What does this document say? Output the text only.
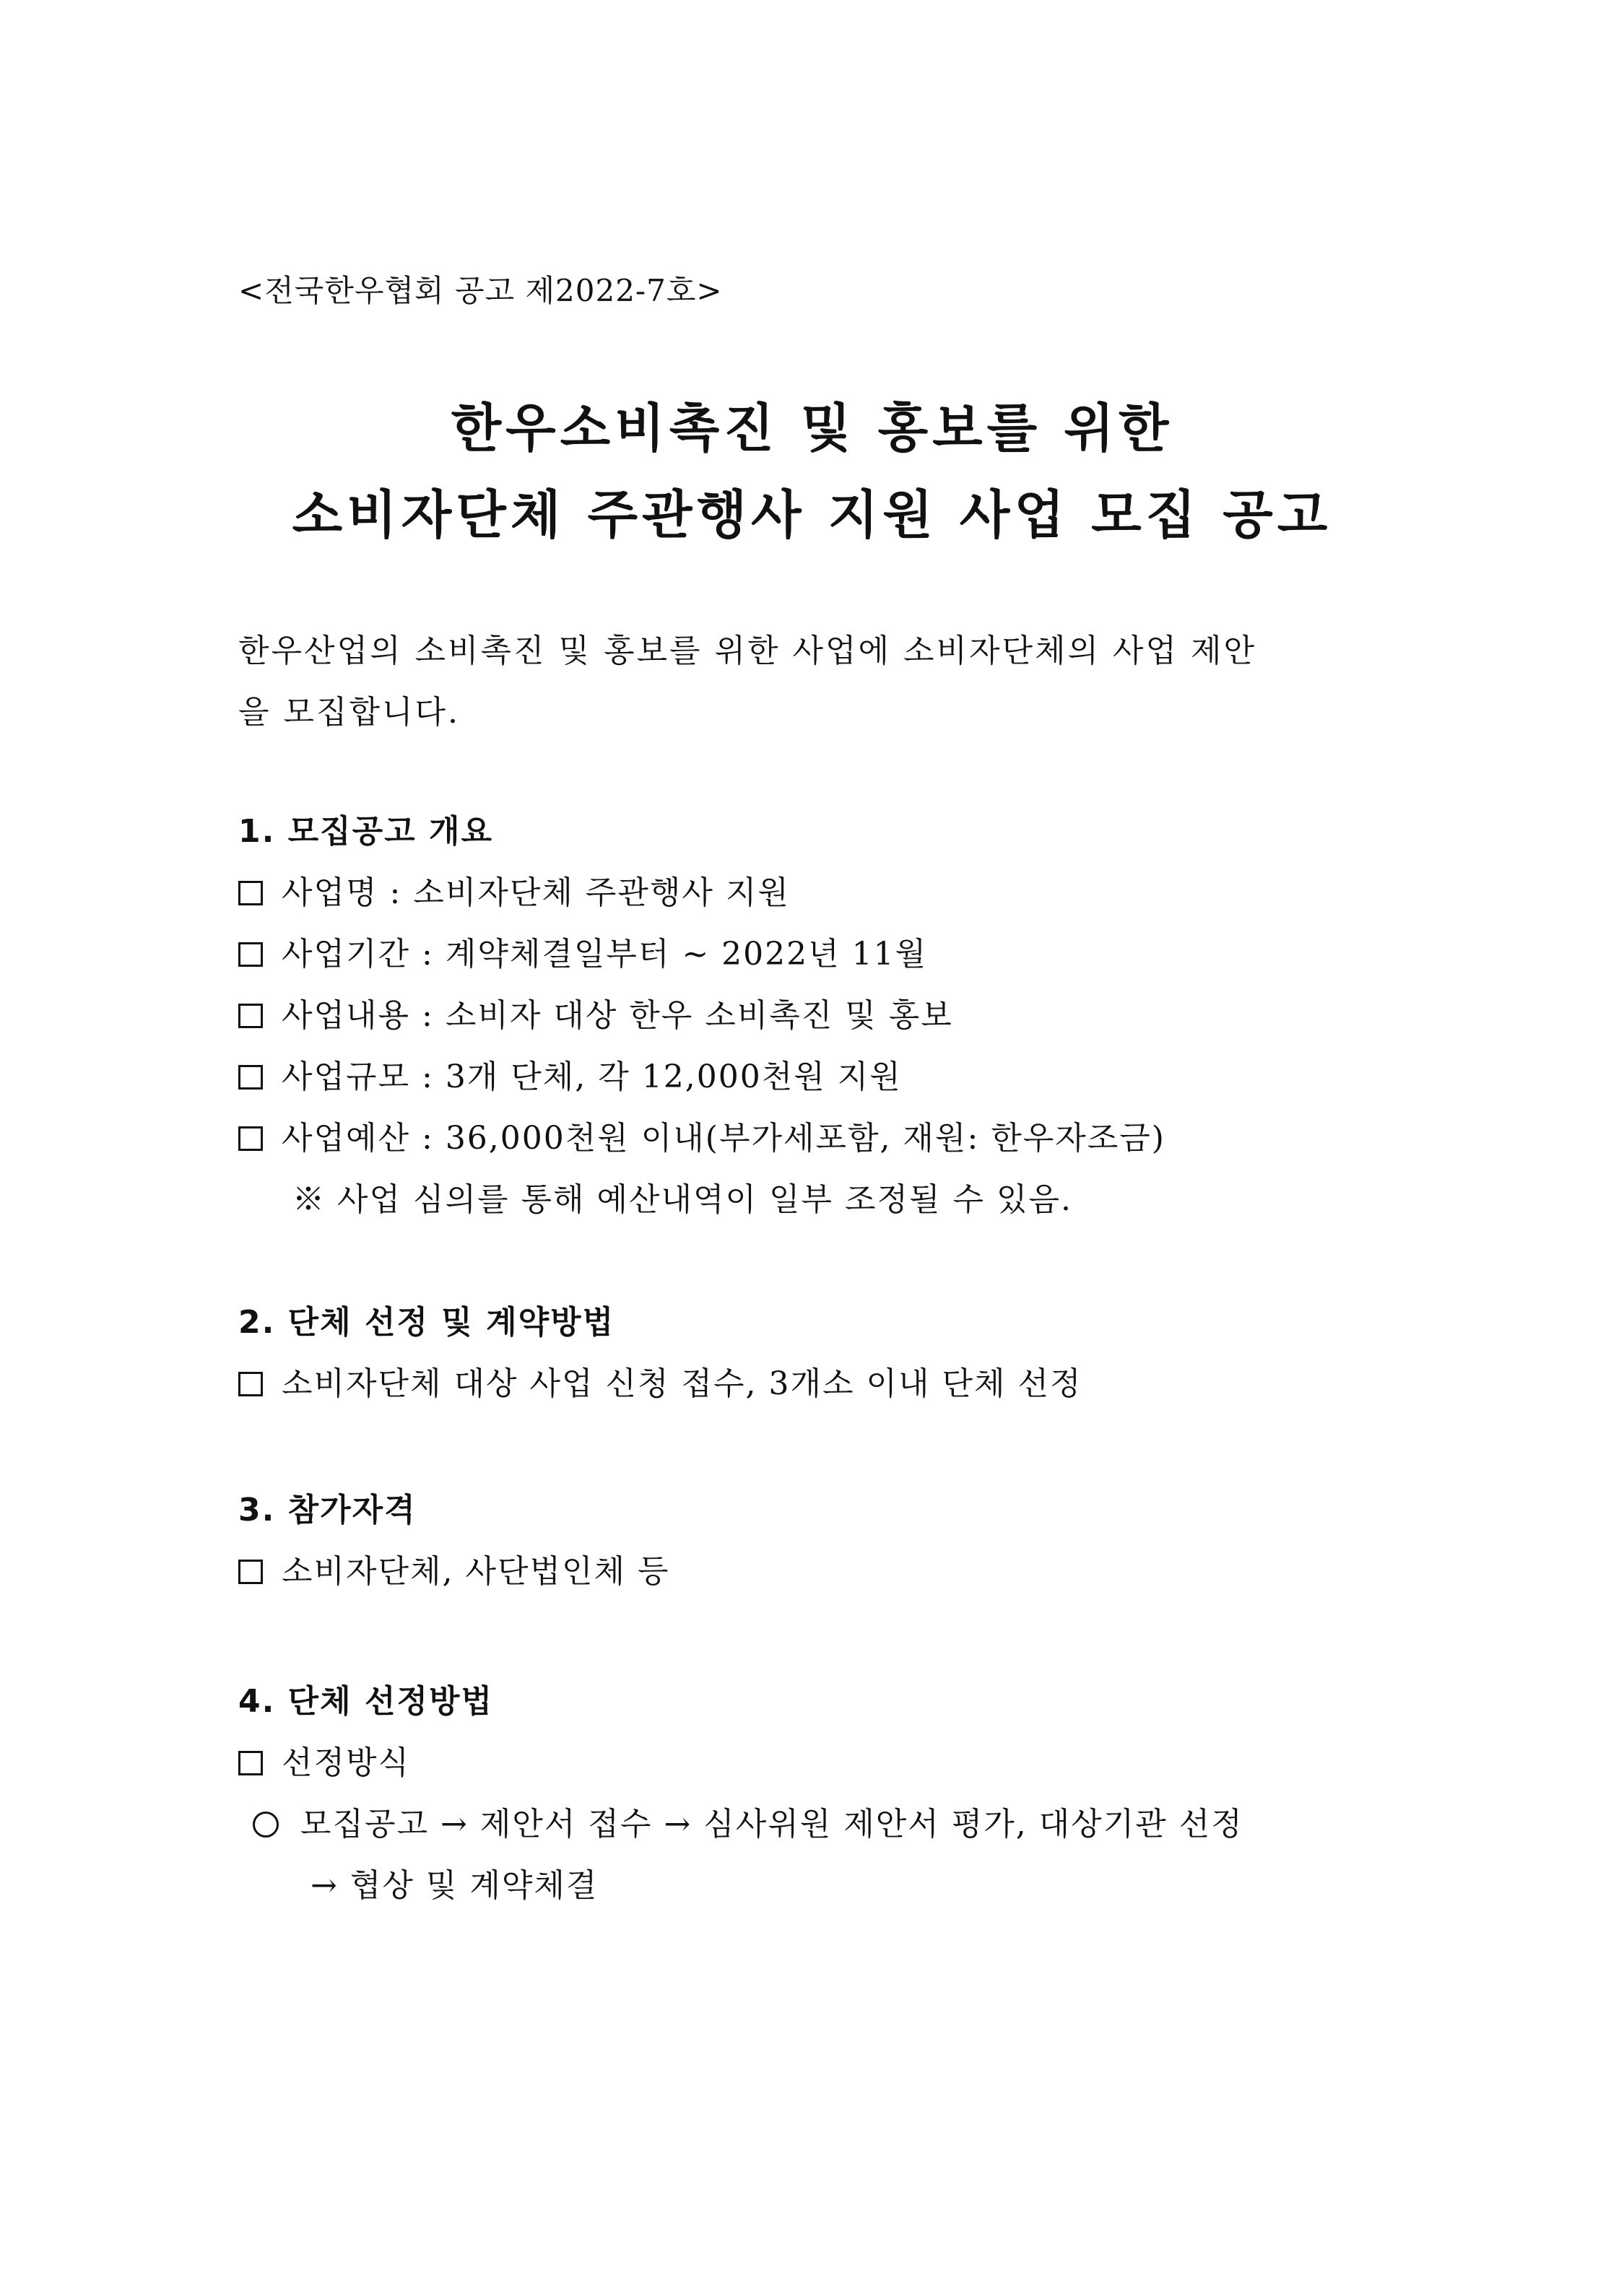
<전국한우협회 공고 제2022-7호>
한우소비촉진 및 홍보를 위한
소비자단체 주관행사 지원 사업 모집 공고
한우산업의 소비촉진 및 홍보를 위한 사업에 소비자단체의 사업 제안
을 모집합니다.
1. 모집공고 개요
사업명 : 소비자단체 주관행사 지원
사업기간 : 계약체결일부터 ~ 2022년 11월
사업내용 : 소비자 대상 한우 소비촉진 및 홍보
사업규모 : 3개 단체, 각 12,000천원 지원
사업예산 : 36,000천원 이내(부가세포함, 재원: 한우자조금)
※ 사업 심의를 통해 예산내역이 일부 조정될 수 있음.
2. 단체 선정 및 계약방법
소비자단체 대상 사업 신청 접수, 3개소 이내 단체 선정
3. 참가자격
소비자단체, 사단법인체 등
4. 단체 선정방법
선정방식
모집공고 → 제안서 접수 → 심사위원 제안서 평가, 대상기관 선정
→ 협상 및 계약체결
